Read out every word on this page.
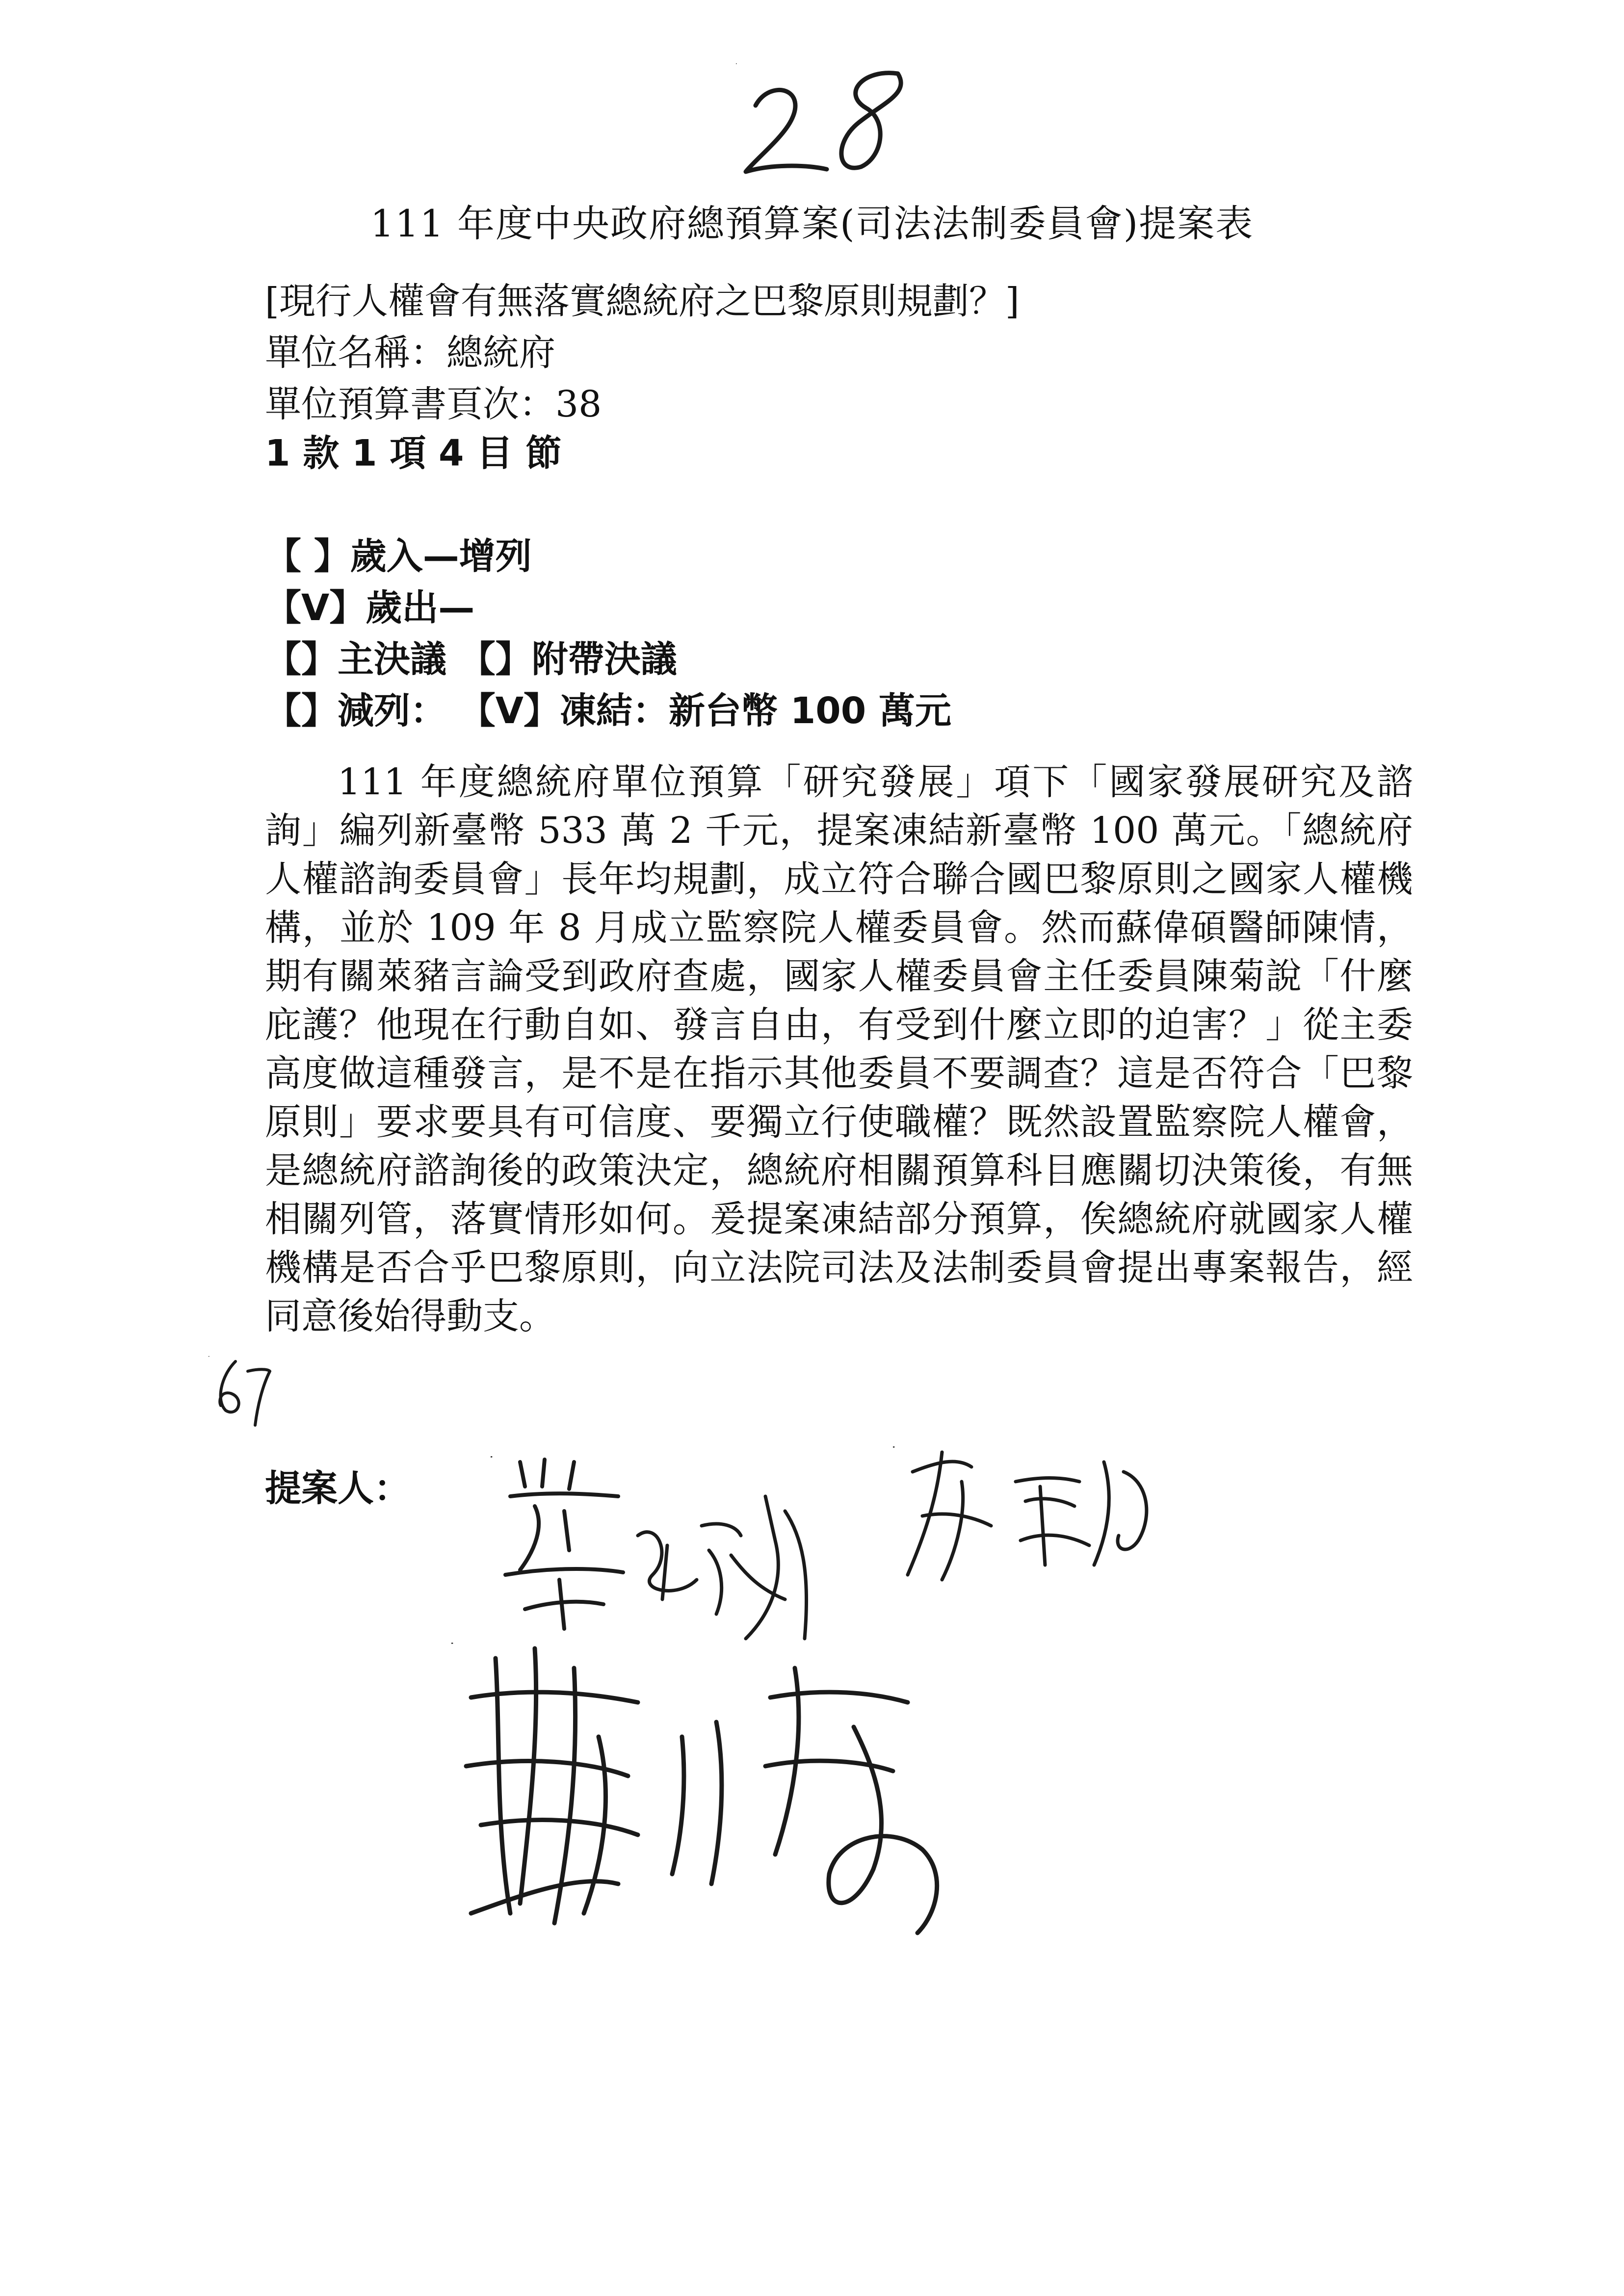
111 年度中央政府總預算案(司法法制委員會)提案表
[現行人權會有無落實總統府之巴黎原則規劃？]
單位名稱：總統府
單位預算書頁次：38
1 款 1 項 4 目 節
【 】歲入—增列
【V】歲出—
【】主決議 【】附帶決議
【】減列： 【V】凍結：新台幣 100 萬元
111 年度總統府單位預算「研究發展」項下「國家發展研究及諮詢」編列新臺幣 533 萬 2 千元，提案凍結新臺幣 100 萬元。「總統府人權諮詢委員會」長年均規劃，成立符合聯合國巴黎原則之國家人權機構，並於 109 年 8 月成立監察院人權委員會。然而蘇偉碩醫師陳情，期有關萊豬言論受到政府查處，國家人權委員會主任委員陳菊說「什麼庇護？他現在行動自如、發言自由，有受到什麼立即的迫害？」從主委高度做這種發言，是不是在指示其他委員不要調查？這是否符合「巴黎原則」要求要具有可信度、要獨立行使職權？既然設置監察院人權會，是總統府諮詢後的政策決定，總統府相關預算科目應關切決策後，有無相關列管，落實情形如何。爰提案凍結部分預算，俟總統府就國家人權機構是否合乎巴黎原則，向立法院司法及法制委員會提出專案報告，經同意後始得動支。
提案人：
